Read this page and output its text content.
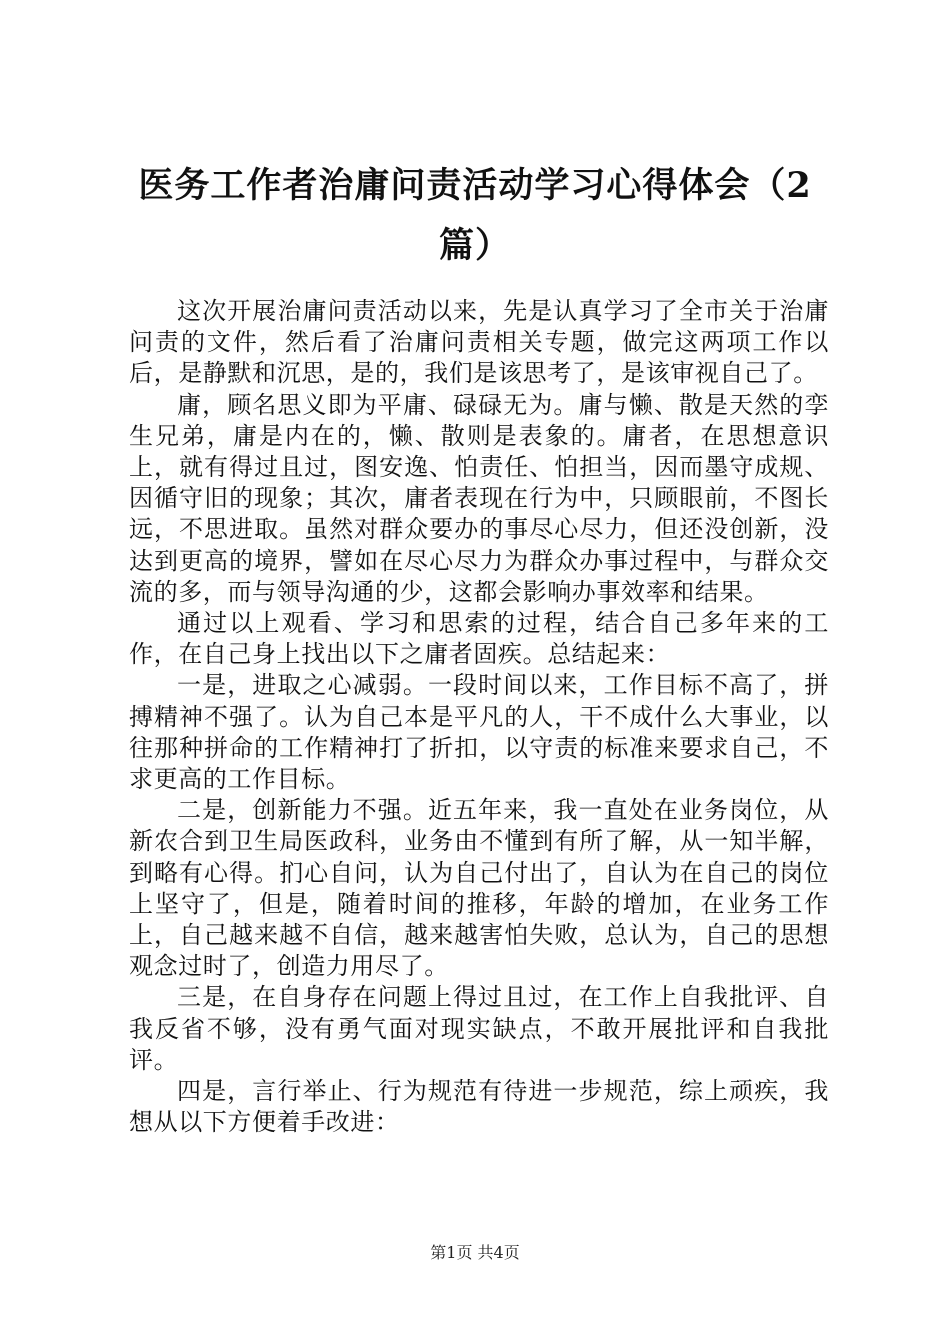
医务工作者治庸问责活动学习心得体会（2篇）

这次开展治庸问责活动以来，先是认真学习了全市关于治庸问责的文件，然后看了治庸问责相关专题，做完这两项工作以后，是静默和沉思，是的，我们是该思考了，是该审视自己了。

庸，顾名思义即为平庸、碌碌无为。庸与懒、散是天然的孪生兄弟，庸是内在的，懒、散则是表象的。庸者，在思想意识上，就有得过且过，图安逸、怕责任、怕担当，因而墨守成规、因循守旧的现象；其次，庸者表现在行为中，只顾眼前，不图长远，不思进取。虽然对群众要办的事尽心尽力，但还没创新，没达到更高的境界，譬如在尽心尽力为群众办事过程中，与群众交流的多，而与领导沟通的少，这都会影响办事效率和结果。

通过以上观看、学习和思索的过程，结合自己多年来的工作，在自己身上找出以下之庸者固疾。总结起来：

一是，进取之心减弱。一段时间以来，工作目标不高了，拼搏精神不强了。认为自己本是平凡的人，干不成什么大事业，以往那种拼命的工作精神打了折扣，以守责的标准来要求自己，不求更高的工作目标。

二是，创新能力不强。近五年来，我一直处在业务岗位，从新农合到卫生局医政科，业务由不懂到有所了解，从一知半解，到略有心得。扪心自问，认为自己付出了，自认为在自己的岗位上坚守了，但是，随着时间的推移，年龄的增加，在业务工作上，自己越来越不自信，越来越害怕失败，总认为，自己的思想观念过时了，创造力用尽了。

三是，在自身存在问题上得过且过，在工作上自我批评、自我反省不够，没有勇气面对现实缺点，不敢开展批评和自我批评。

四是，言行举止、行为规范有待进一步规范，综上顽疾，我想从以下方便着手改进：

第1页 共4页
